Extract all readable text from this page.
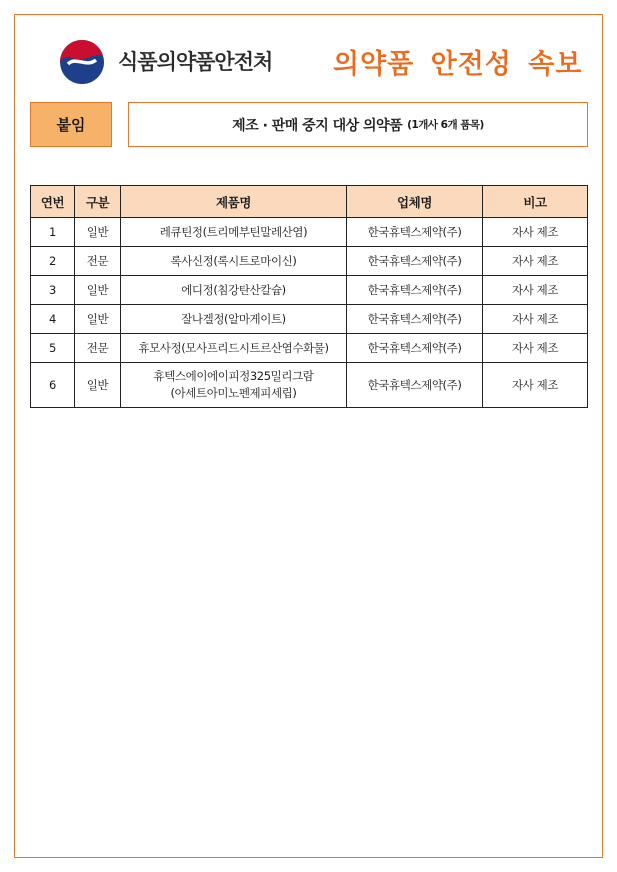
식품의약품안전처 의약품 안전성 속보
붙임	제조 · 판매 중지 대상 의약품 (1개사 6개 품목)
연번	구분	제품명	업체명	비고
1	일반	레큐틴정(트리메부틴말레산염)	한국휴텍스제약(주)	자사 제조
2	전문	록사신정(록시트로마이신)	한국휴텍스제약(주)	자사 제조
3	일반	에디정(침강탄산칼슘)	한국휴텍스제약(주)	자사 제조
4	일반	잘나겔정(알마게이트)	한국휴텍스제약(주)	자사 제조
5	전문	휴모사정(모사프리드시트르산염수화물)	한국휴텍스제약(주)	자사 제조
6	일반	휴텍스에이에이피정325밀리그람
(아세트아미노펜제피세립)	한국휴텍스제약(주)	자사 제조
